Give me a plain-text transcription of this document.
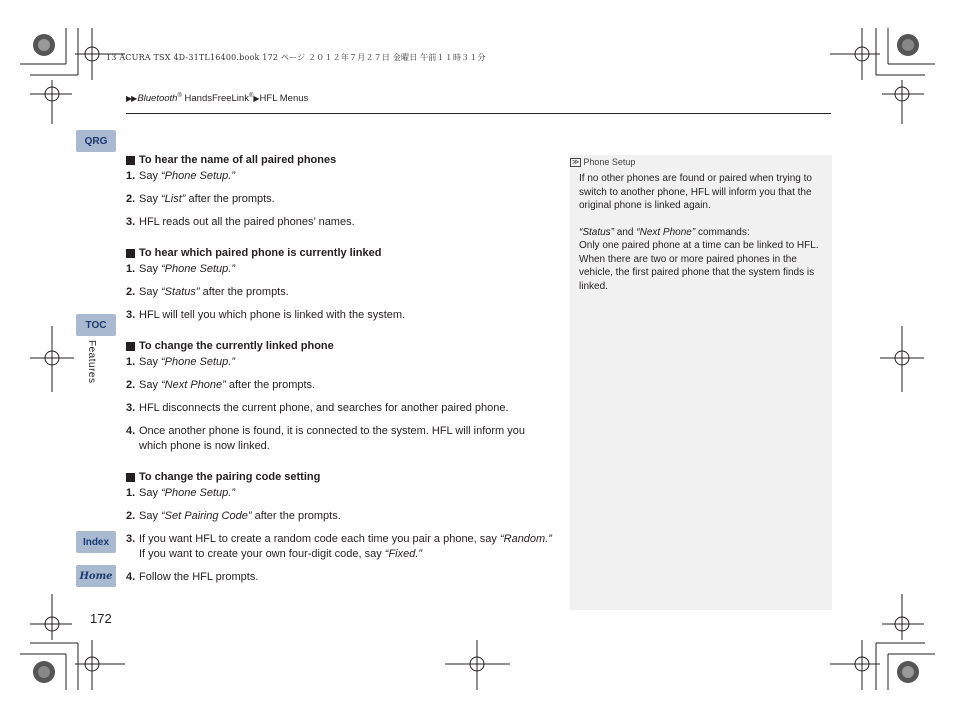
13 ACURA TSX 4D-31TL16400.book 172 ページ ２０１２年７月２７日 金曜日 午前１１時３１分
▶▶Bluetooth® HandsFreeLink®▶HFL Menus
QRG
TOC
Index
Home
Features
172
To hear the name of all paired phones
1. Say “Phone Setup.”
2. Say “List” after the prompts.
3. HFL reads out all the paired phones’ names.
To hear which paired phone is currently linked
1. Say “Phone Setup.”
2. Say “Status” after the prompts.
3. HFL will tell you which phone is linked with the system.
To change the currently linked phone
1. Say “Phone Setup.”
2. Say “Next Phone” after the prompts.
3. HFL disconnects the current phone, and searches for another paired phone.
4. Once another phone is found, it is connected to the system. HFL will inform you which phone is now linked.
To change the pairing code setting
1. Say “Phone Setup.”
2. Say “Set Pairing Code” after the prompts.
3. If you want HFL to create a random code each time you pair a phone, say “Random.” If you want to create your own four-digit code, say “Fixed.”
4. Follow the HFL prompts.
≫ Phone Setup

If no other phones are found or paired when trying to switch to another phone, HFL will inform you that the original phone is linked again.

“Status” and “Next Phone” commands:
Only one paired phone at a time can be linked to HFL. When there are two or more paired phones in the vehicle, the first paired phone that the system finds is linked.
